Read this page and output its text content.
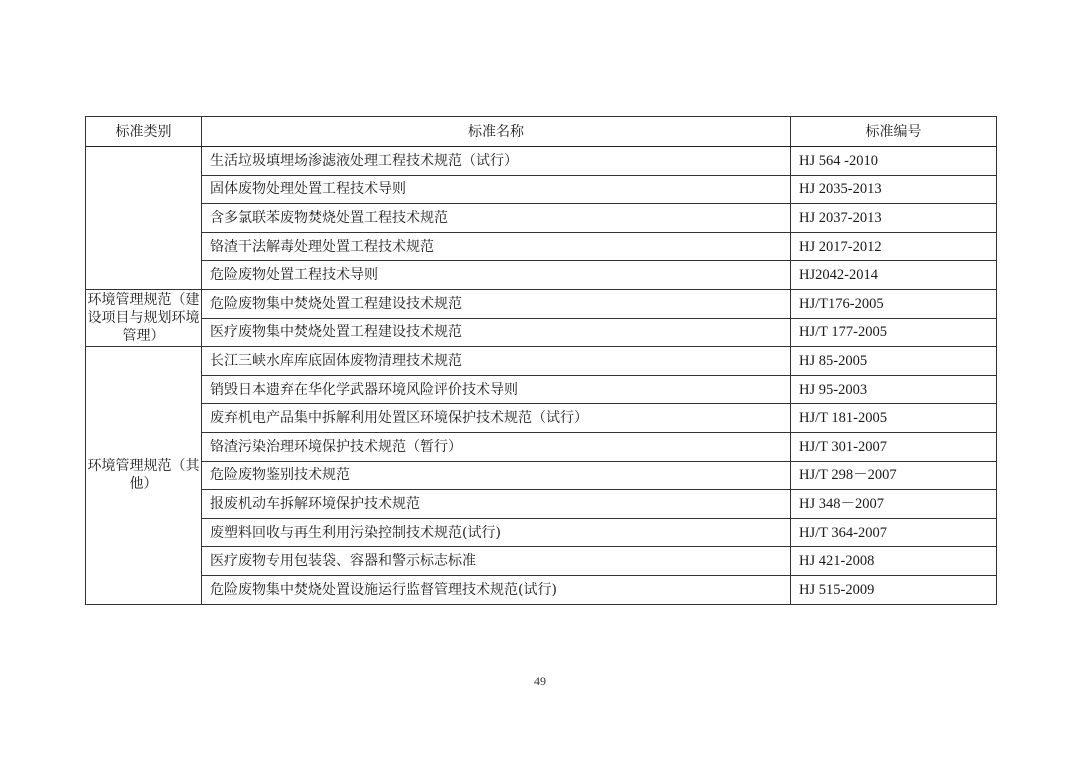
标准类别	标准名称	标准编号
	生活垃圾填埋场渗滤液处理工程技术规范（试行）	HJ 564 -2010
	固体废物处理处置工程技术导则	HJ 2035-2013
	含多氯联苯废物焚烧处置工程技术规范	HJ 2037-2013
	铬渣干法解毒处理处置工程技术规范	HJ 2017-2012
	危险废物处置工程技术导则	HJ2042-2014
环境管理规范（建设项目与规划环境管理）	危险废物集中焚烧处置工程建设技术规范	HJ/T176-2005
	医疗废物集中焚烧处置工程建设技术规范	HJ/T 177-2005
环境管理规范（其他）	长江三峡水库库底固体废物清理技术规范	HJ 85-2005
	销毁日本遗弃在华化学武器环境风险评价技术导则	HJ 95-2003
	废弃机电产品集中拆解利用处置区环境保护技术规范（试行）	HJ/T 181-2005
	铬渣污染治理环境保护技术规范（暂行）	HJ/T 301-2007
	危险废物鉴别技术规范	HJ/T 298－2007
	报废机动车拆解环境保护技术规范	HJ 348－2007
	废塑料回收与再生利用污染控制技术规范(试行)	HJ/T 364-2007
	医疗废物专用包装袋、容器和警示标志标准	HJ 421-2008
	危险废物集中焚烧处置设施运行监督管理技术规范(试行)	HJ 515-2009
49
